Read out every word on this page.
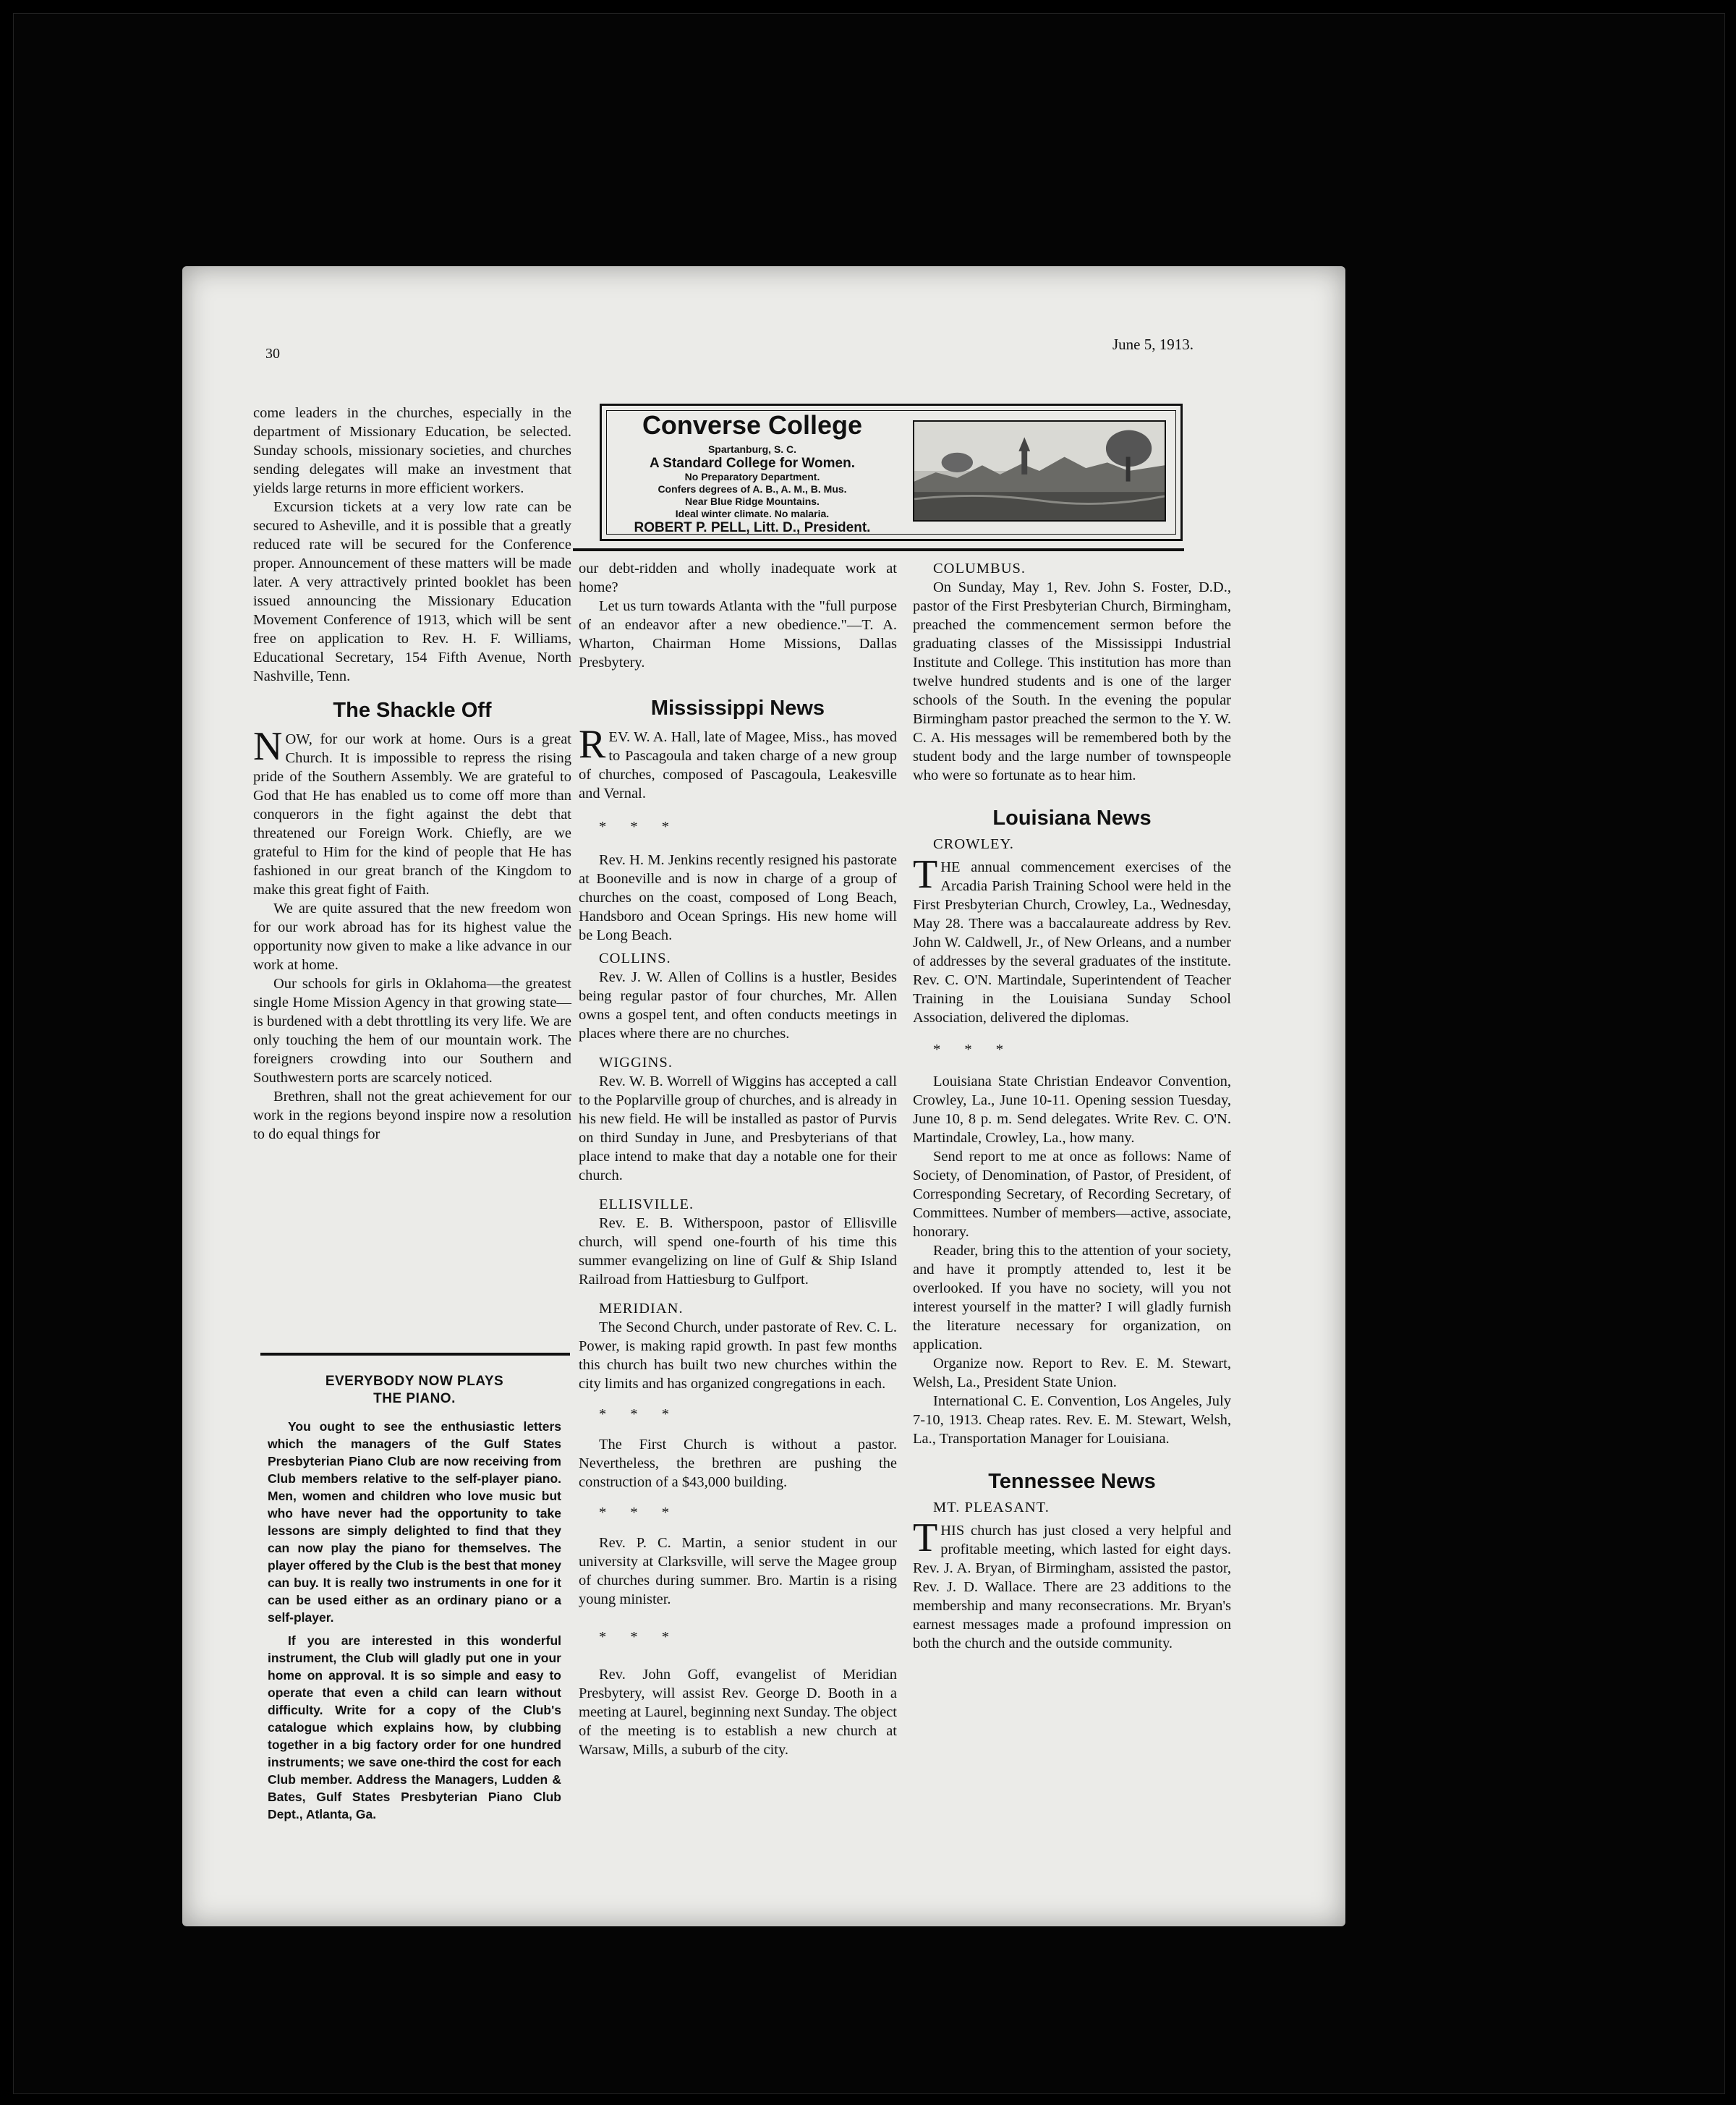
30
June 5, 1913.

come leaders in the churches, especially in the department of Missionary Education, be selected. Sunday schools, missionary societies, and churches sending delegates will make an investment that yields large returns in more efficient workers.

Excursion tickets at a very low rate can be secured to Asheville, and it is possible that a greatly reduced rate will be secured for the Conference proper. Announcement of these matters will be made later. A very attractively printed booklet has been issued announcing the Missionary Education Movement Conference of 1913, which will be sent free on application to Rev. H. F. Williams, Educational Secretary, 154 Fifth Avenue, North Nashville, Tenn.

The Shackle Off

NOW, for our work at home. Ours is a great Church. It is impossible to repress the rising pride of the Southern Assembly. We are grateful to God that He has enabled us to come off more than conquerors in the fight against the debt that threatened our Foreign Work. Chiefly, are we grateful to Him for the kind of people that He has fashioned in our great branch of the Kingdom to make this great fight of Faith.

We are quite assured that the new freedom won for our work abroad has for its highest value the opportunity now given to make a like advance in our work at home.

Our schools for girls in Oklahoma—the greatest single Home Mission Agency in that growing state—is burdened with a debt throttling its very life. We are only touching the hem of our mountain work. The foreigners crowding into our Southern and Southwestern ports are scarcely noticed.

Brethren, shall not the great achievement for our work in the regions beyond inspire now a resolution to do equal things for

EVERYBODY NOW PLAYS
THE PIANO.

You ought to see the enthusiastic letters which the managers of the Gulf States Presbyterian Piano Club are now receiving from Club members relative to the self-player piano. Men, women and children who love music but who have never had the opportunity to take lessons are simply delighted to find that they can now play the piano for themselves. The player offered by the Club is the best that money can buy. It is really two instruments in one for it can be used either as an ordinary piano or a self-player.

If you are interested in this wonderful instrument, the Club will gladly put one in your home on approval. It is so simple and easy to operate that even a child can learn without difficulty. Write for a copy of the Club's catalogue which explains how, by clubbing together in a big factory order for one hundred instruments; we save one-third the cost for each Club member. Address the Managers, Ludden & Bates, Gulf States Presbyterian Piano Club Dept., Atlanta, Ga.

Converse College
Spartanburg, S. C.
A Standard College for Women.
No Preparatory Department.
Confers degrees of A. B., A. M., B. Mus.
Near Blue Ridge Mountains.
Ideal winter climate. No malaria.
ROBERT P. PELL, Litt. D., President.

our debt-ridden and wholly inadequate work at home?

Let us turn towards Atlanta with the "full purpose of an endeavor after a new obedience."—T. A. Wharton, Chairman Home Missions, Dallas Presbytery.

Mississippi News

REV. W. A. Hall, late of Magee, Miss., has moved to Pascagoula and taken charge of a new group of churches, composed of Pascagoula, Leakesville and Vernal.

* * *

Rev. H. M. Jenkins recently resigned his pastorate at Booneville and is now in charge of a group of churches on the coast, composed of Long Beach, Handsboro and Ocean Springs. His new home will be Long Beach.

COLLINS.

Rev. J. W. Allen of Collins is a hustler, Besides being regular pastor of four churches, Mr. Allen owns a gospel tent, and often conducts meetings in places where there are no churches.

WIGGINS.

Rev. W. B. Worrell of Wiggins has accepted a call to the Poplarville group of churches, and is already in his new field. He will be installed as pastor of Purvis on third Sunday in June, and Presbyterians of that place intend to make that day a notable one for their church.

ELLISVILLE.

Rev. E. B. Witherspoon, pastor of Ellisville church, will spend one-fourth of his time this summer evangelizing on line of Gulf & Ship Island Railroad from Hattiesburg to Gulfport.

MERIDIAN.

The Second Church, under pastorate of Rev. C. L. Power, is making rapid growth. In past few months this church has built two new churches within the city limits and has organized congregations in each.

* * *

The First Church is without a pastor. Nevertheless, the brethren are pushing the construction of a $43,000 building.

* * *

Rev. P. C. Martin, a senior student in our university at Clarksville, will serve the Magee group of churches during summer. Bro. Martin is a rising young minister.

* * *

Rev. John Goff, evangelist of Meridian Presbytery, will assist Rev. George D. Booth in a meeting at Laurel, beginning next Sunday. The object of the meeting is to establish a new church at Warsaw, Mills, a suburb of the city.

COLUMBUS.

On Sunday, May 1, Rev. John S. Foster, D.D., pastor of the First Presbyterian Church, Birmingham, preached the commencement sermon before the graduating classes of the Mississippi Industrial Institute and College. This institution has more than twelve hundred students and is one of the larger schools of the South. In the evening the popular Birmingham pastor preached the sermon to the Y. W. C. A. His messages will be remembered both by the student body and the large number of townspeople who were so fortunate as to hear him.

Louisiana News

CROWLEY.

THE annual commencement exercises of the Arcadia Parish Training School were held in the First Presbyterian Church, Crowley, La., Wednesday, May 28. There was a baccalaureate address by Rev. John W. Caldwell, Jr., of New Orleans, and a number of addresses by the several graduates of the institute. Rev. C. O'N. Martindale, Superintendent of Teacher Training in the Louisiana Sunday School Association, delivered the diplomas.

* * *

Louisiana State Christian Endeavor Convention, Crowley, La., June 10-11. Opening session Tuesday, June 10, 8 p. m. Send delegates. Write Rev. C. O'N. Martindale, Crowley, La., how many.

Send report to me at once as follows: Name of Society, of Denomination, of Pastor, of President, of Corresponding Secretary, of Recording Secretary, of Committees. Number of members—active, associate, honorary.

Reader, bring this to the attention of your society, and have it promptly attended to, lest it be overlooked. If you have no society, will you not interest yourself in the matter? I will gladly furnish the literature necessary for organization, on application.

Organize now. Report to Rev. E. M. Stewart, Welsh, La., President State Union.

International C. E. Convention, Los Angeles, July 7-10, 1913. Cheap rates. Rev. E. M. Stewart, Welsh, La., Transportation Manager for Louisiana.

Tennessee News

MT. PLEASANT.

THIS church has just closed a very helpful and profitable meeting, which lasted for eight days. Rev. J. A. Bryan, of Birmingham, assisted the pastor, Rev. J. D. Wallace. There are 23 additions to the membership and many reconsecrations. Mr. Bryan's earnest messages made a profound impression on both the church and the outside community.
